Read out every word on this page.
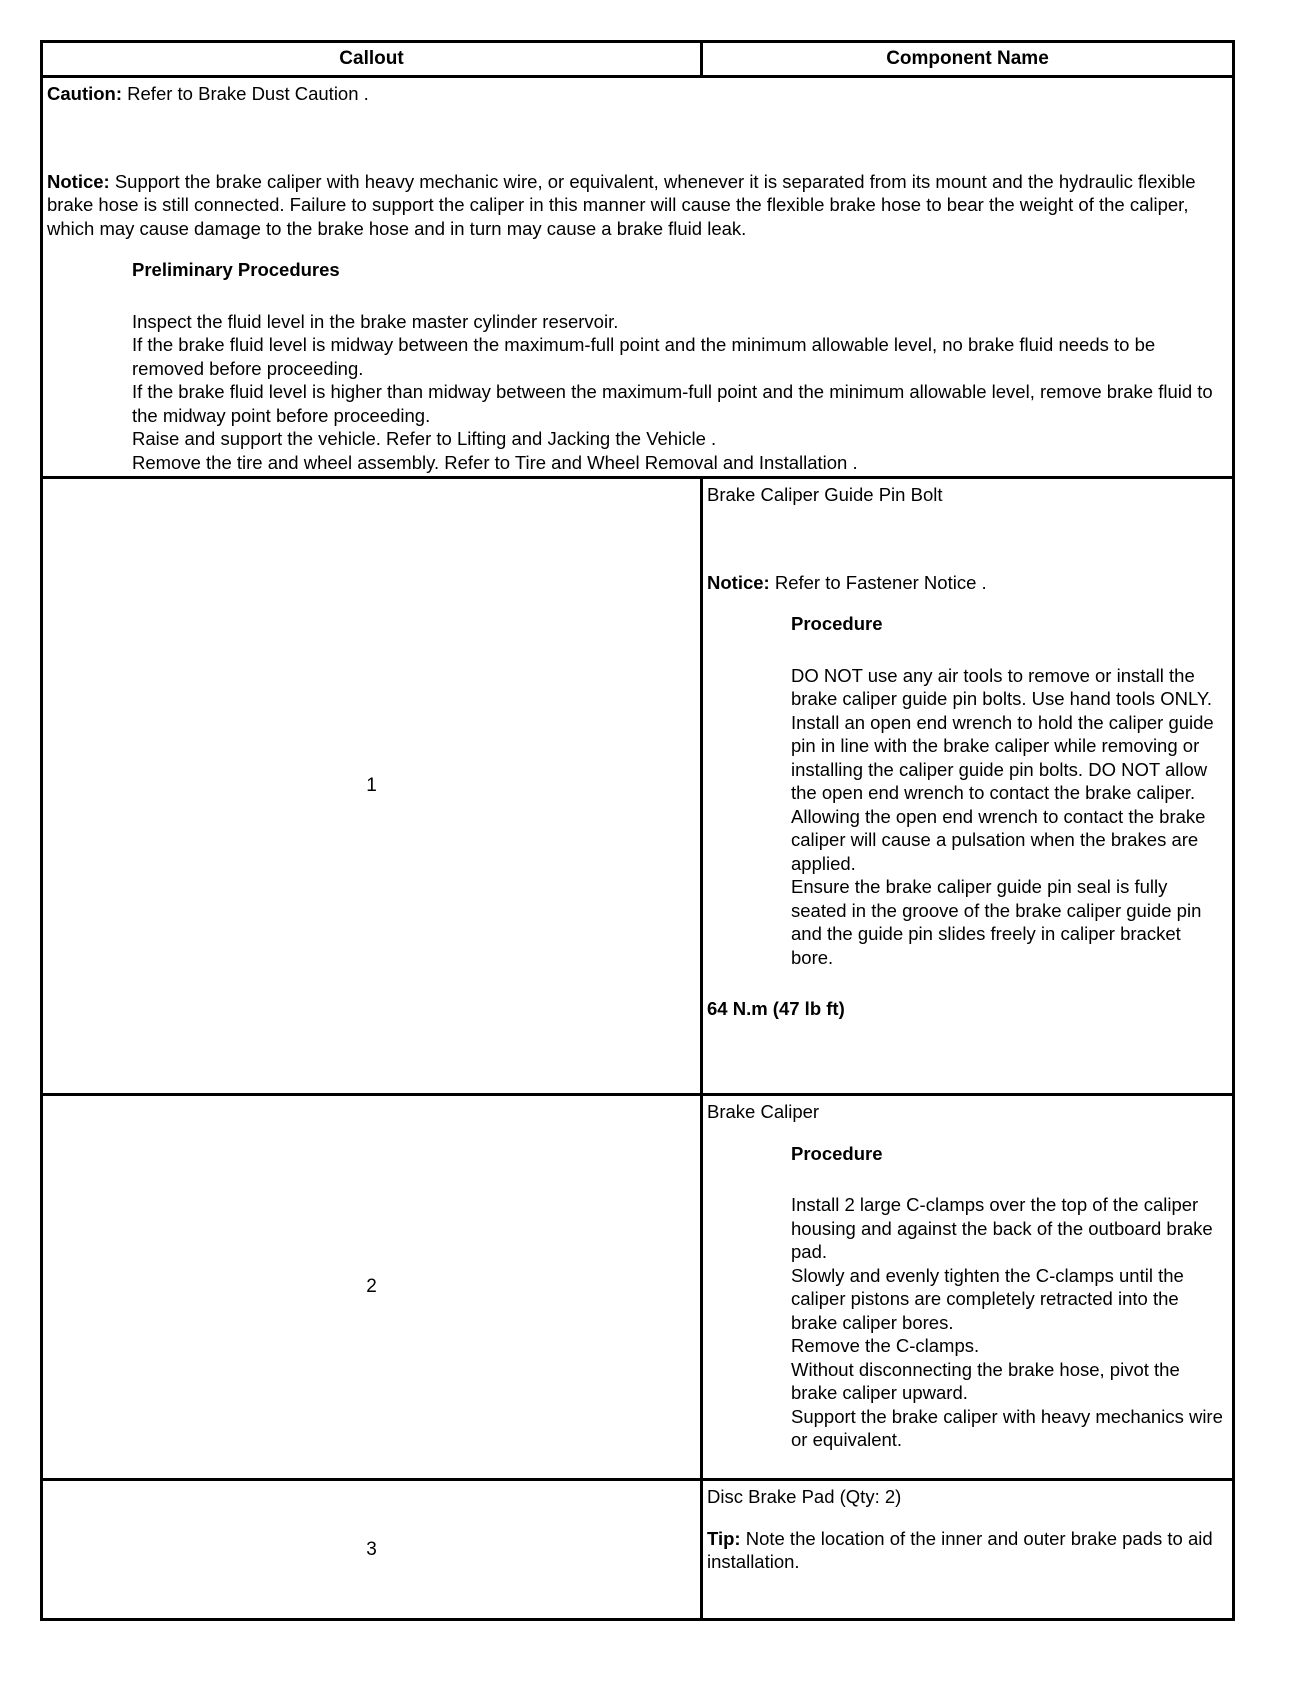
Callout	Component Name
Caution: Refer to Brake Dust Caution .
Notice: Support the brake caliper with heavy mechanic wire, or equivalent, whenever it is separated from its mount and the hydraulic flexible brake hose is still connected. Failure to support the caliper in this manner will cause the flexible brake hose to bear the weight of the caliper, which may cause damage to the brake hose and in turn may cause a brake fluid leak.
Preliminary Procedures
Inspect the fluid level in the brake master cylinder reservoir.
If the brake fluid level is midway between the maximum-full point and the minimum allowable level, no brake fluid needs to be removed before proceeding.
If the brake fluid level is higher than midway between the maximum-full point and the minimum allowable level, remove brake fluid to the midway point before proceeding.
Raise and support the vehicle. Refer to Lifting and Jacking the Vehicle .
Remove the tire and wheel assembly. Refer to Tire and Wheel Removal and Installation .
1
Brake Caliper Guide Pin Bolt
Notice: Refer to Fastener Notice .
Procedure
DO NOT use any air tools to remove or install the brake caliper guide pin bolts. Use hand tools ONLY.
Install an open end wrench to hold the caliper guide pin in line with the brake caliper while removing or installing the caliper guide pin bolts. DO NOT allow the open end wrench to contact the brake caliper. Allowing the open end wrench to contact the brake caliper will cause a pulsation when the brakes are applied.
Ensure the brake caliper guide pin seal is fully seated in the groove of the brake caliper guide pin and the guide pin slides freely in caliper bracket bore.
64 N.m (47 lb ft)
2
Brake Caliper
Procedure
Install 2 large C-clamps over the top of the caliper housing and against the back of the outboard brake pad.
Slowly and evenly tighten the C-clamps until the caliper pistons are completely retracted into the brake caliper bores.
Remove the C-clamps.
Without disconnecting the brake hose, pivot the brake caliper upward.
Support the brake caliper with heavy mechanics wire or equivalent.
3
Disc Brake Pad (Qty: 2)
Tip: Note the location of the inner and outer brake pads to aid installation.
